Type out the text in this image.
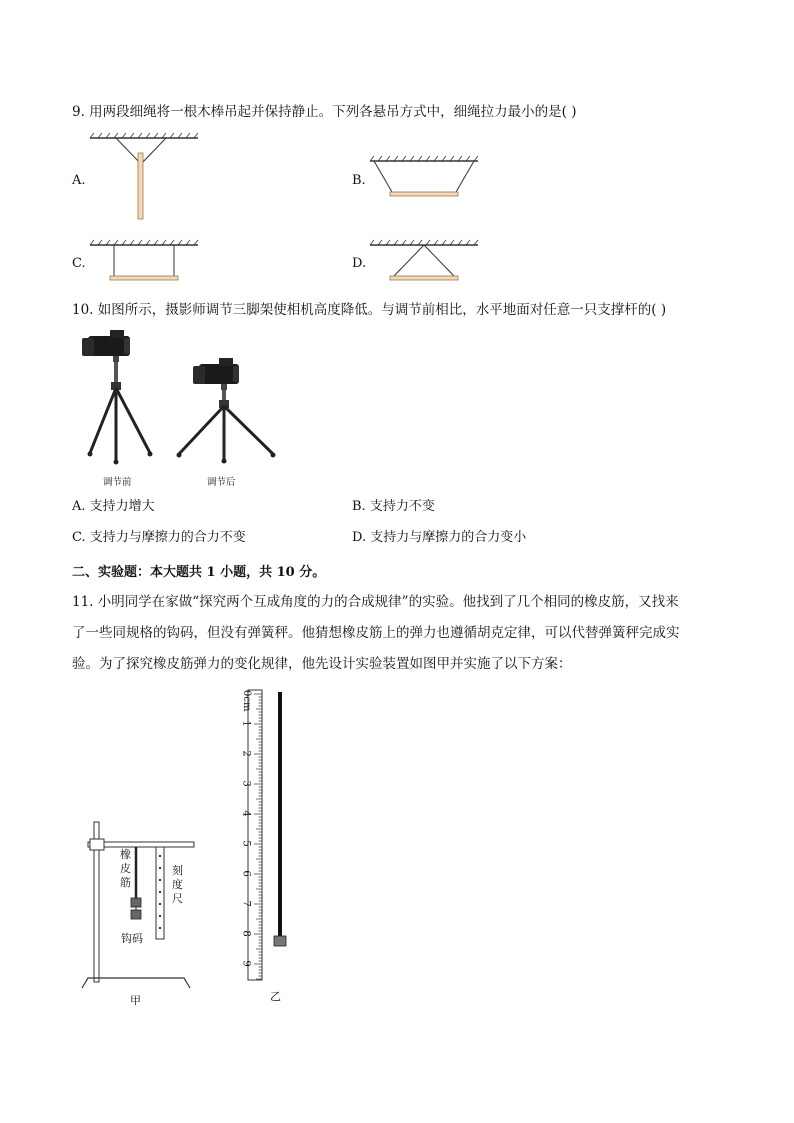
9. 用两段细绳将一根木棒吊起并保持静止。下列各悬吊方式中，细绳拉力最小的是( )
A.	B.
C.	D.
10. 如图所示，摄影师调节三脚架使相机高度降低。与调节前相比，水平地面对任意一只支撑杆的( )
调节前	调节后
A. 支持力增大	B. 支持力不变
C. 支持力与摩擦力的合力不变	D. 支持力与摩擦力的合力变小
二、实验题：本大题共 1 小题，共 10 分。
11. 小明同学在家做“探究两个互成角度的力的合成规律”的实验。他找到了几个相同的橡皮筋，又找来
了一些同规格的钩码，但没有弹簧秤。他猜想橡皮筋上的弹力也遵循胡克定律，可以代替弹簧秤完成实
验。为了探究橡皮筋弹力的变化规律，他先设计实验装置如图甲并实施了以下方案：
橡皮筋
刻度尺
钩码
甲
0cm
1
2
3
4
5
6
7
8
9
乙
